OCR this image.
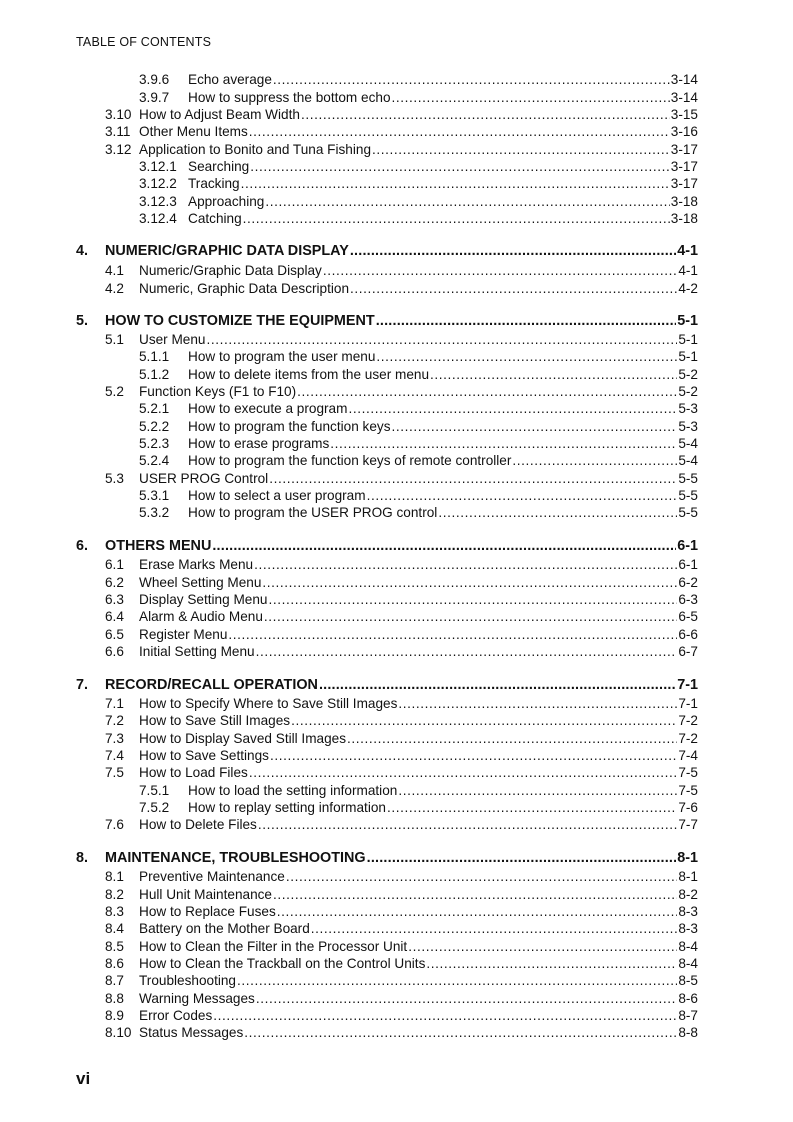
TABLE OF CONTENTS
3.9.6	Echo average .....	3-14
3.9.7	How to suppress the bottom echo .....	3-14
3.10 How to Adjust Beam Width .....	3-15
3.11 Other Menu Items .....	3-16
3.12 Application to Bonito and Tuna Fishing .....	3-17
3.12.1 Searching .....	3-17
3.12.2 Tracking .....	3-17
3.12.3 Approaching .....	3-18
3.12.4 Catching .....	3-18
4.	NUMERIC/GRAPHIC DATA DISPLAY .....	4-1
4.1	Numeric/Graphic Data Display .....	4-1
4.2	Numeric, Graphic Data Description .....	4-2
5.	HOW TO CUSTOMIZE THE EQUIPMENT .....	5-1
5.1	User Menu .....	5-1
5.1.1	How to program the user menu .....	5-1
5.1.2	How to delete items from the user menu .....	5-2
5.2	Function Keys (F1 to F10) .....	5-2
5.2.1	How to execute a program .....	5-3
5.2.2	How to program the function keys .....	5-3
5.2.3	How to erase programs .....	5-4
5.2.4	How to program the function keys of remote controller .....	5-4
5.3	USER PROG Control .....	5-5
5.3.1	How to select a user program .....	5-5
5.3.2	How to program the USER PROG control .....	5-5
6.	OTHERS MENU .....	6-1
6.1	Erase Marks Menu .....	6-1
6.2	Wheel Setting Menu .....	6-2
6.3	Display Setting Menu .....	6-3
6.4	Alarm & Audio Menu .....	6-5
6.5	Register Menu .....	6-6
6.6	Initial Setting Menu .....	6-7
7.	RECORD/RECALL OPERATION .....	7-1
7.1	How to Specify Where to Save Still Images .....	7-1
7.2	How to Save Still Images .....	7-2
7.3	How to Display Saved Still Images .....	7-2
7.4	How to Save Settings .....	7-4
7.5	How to Load Files .....	7-5
7.5.1	How to load the setting information .....	7-5
7.5.2	How to replay setting information .....	7-6
7.6	How to Delete Files .....	7-7
8.	MAINTENANCE, TROUBLESHOOTING .....	8-1
8.1	Preventive Maintenance .....	8-1
8.2	Hull Unit Maintenance .....	8-2
8.3	How to Replace Fuses .....	8-3
8.4	Battery on the Mother Board .....	8-3
8.5	How to Clean the Filter in the Processor Unit .....	8-4
8.6	How to Clean the Trackball on the Control Units .....	8-4
8.7	Troubleshooting .....	8-5
8.8	Warning Messages .....	8-6
8.9	Error Codes .....	8-7
8.10 Status Messages .....	8-8
vi
